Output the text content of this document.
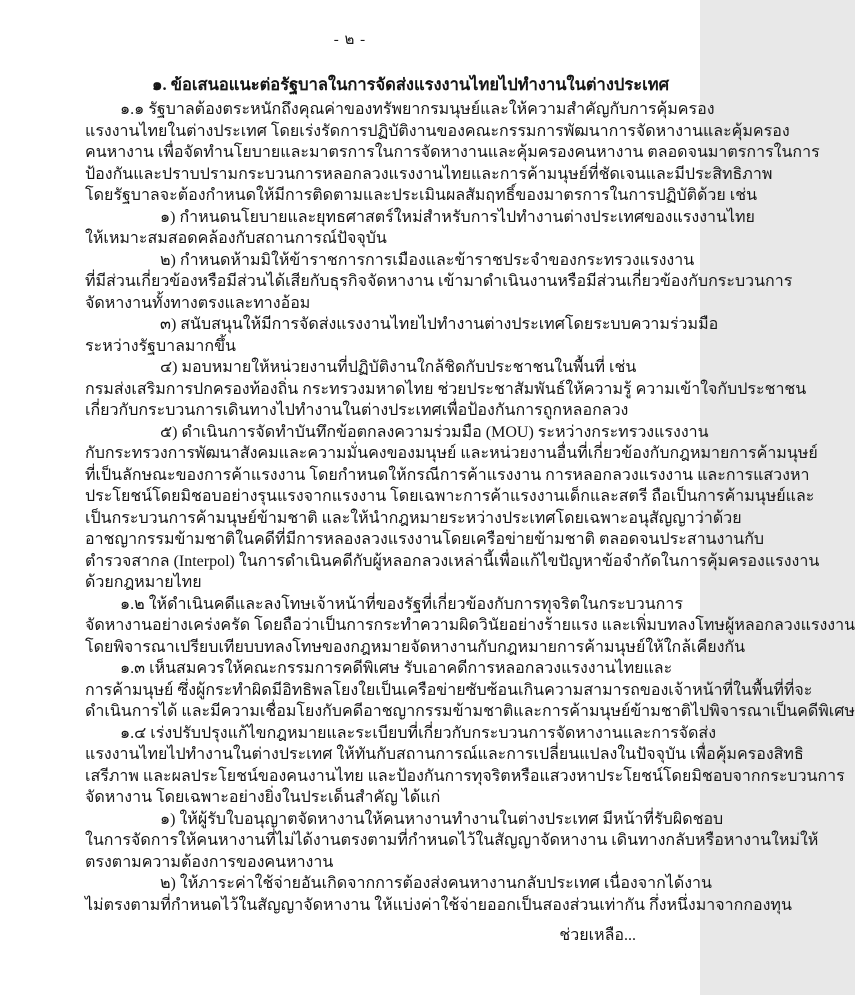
- ๒ -
๑. ข้อเสนอแนะต่อรัฐบาลในการจัดส่งแรงงานไทยไปทำงานในต่างประเทศ
๑.๑ รัฐบาลต้องตระหนักถึงคุณค่าของทรัพยากรมนุษย์และให้ความสำคัญกับการคุ้มครอง
แรงงานไทยในต่างประเทศ โดยเร่งรัดการปฏิบัติงานของคณะกรรมการพัฒนาการจัดหางานและคุ้มครอง
คนหางาน เพื่อจัดทำนโยบายและมาตรการในการจัดหางานและคุ้มครองคนหางาน ตลอดจนมาตรการในการ
ป้องกันและปราบปรามกระบวนการหลอกลวงแรงงานไทยและการค้ามนุษย์ที่ชัดเจนและมีประสิทธิภาพ
โดยรัฐบาลจะต้องกำหนดให้มีการติดตามและประเมินผลสัมฤทธิ์ของมาตรการในการปฏิบัติด้วย เช่น
๑) กำหนดนโยบายและยุทธศาสตร์ใหม่สำหรับการไปทำงานต่างประเทศของแรงงานไทย
ให้เหมาะสมสอดคล้องกับสถานการณ์ปัจจุบัน
๒) กำหนดห้ามมิให้ข้าราชการการเมืองและข้าราชประจำของกระทรวงแรงงาน
ที่มีส่วนเกี่ยวข้องหรือมีส่วนได้เสียกับธุรกิจจัดหางาน เข้ามาดำเนินงานหรือมีส่วนเกี่ยวข้องกับกระบวนการ
จัดหางานทั้งทางตรงและทางอ้อม
๓) สนับสนุนให้มีการจัดส่งแรงงานไทยไปทำงานต่างประเทศโดยระบบความร่วมมือ
ระหว่างรัฐบาลมากขึ้น
๔) มอบหมายให้หน่วยงานที่ปฏิบัติงานใกล้ชิดกับประชาชนในพื้นที่ เช่น
กรมส่งเสริมการปกครองท้องถิ่น กระทรวงมหาดไทย ช่วยประชาสัมพันธ์ให้ความรู้ ความเข้าใจกับประชาชน
เกี่ยวกับกระบวนการเดินทางไปทำงานในต่างประเทศเพื่อป้องกันการถูกหลอกลวง
๕) ดำเนินการจัดทำบันทึกข้อตกลงความร่วมมือ (MOU) ระหว่างกระทรวงแรงงาน
กับกระทรวงการพัฒนาสังคมและความมั่นคงของมนุษย์ และหน่วยงานอื่นที่เกี่ยวข้องกับกฎหมายการค้ามนุษย์
ที่เป็นลักษณะของการค้าแรงงาน โดยกำหนดให้กรณีการค้าแรงงาน การหลอกลวงแรงงาน และการแสวงหา
ประโยชน์โดยมิชอบอย่างรุนแรงจากแรงงาน โดยเฉพาะการค้าแรงงานเด็กและสตรี ถือเป็นการค้ามนุษย์และ
เป็นกระบวนการค้ามนุษย์ข้ามชาติ และให้นำกฎหมายระหว่างประเทศโดยเฉพาะอนุสัญญาว่าด้วย
อาชญากรรมข้ามชาติในคดีที่มีการหลองลวงแรงงานโดยเครือข่ายข้ามชาติ ตลอดจนประสานงานกับ
ตำรวจสากล (Interpol) ในการดำเนินคดีกับผู้หลอกลวงเหล่านี้เพื่อแก้ไขปัญหาข้อจำกัดในการคุ้มครองแรงงาน
ด้วยกฎหมายไทย
๑.๒ ให้ดำเนินคดีและลงโทษเจ้าหน้าที่ของรัฐที่เกี่ยวข้องกับการทุจริตในกระบวนการ
จัดหางานอย่างเคร่งครัด โดยถือว่าเป็นการกระทำความผิดวินัยอย่างร้ายแรง และเพิ่มบทลงโทษผู้หลอกลวงแรงงาน
โดยพิจารณาเปรียบเทียบบทลงโทษของกฎหมายจัดหางานกับกฎหมายการค้ามนุษย์ให้ใกล้เคียงกัน
๑.๓ เห็นสมควรให้คณะกรรมการคดีพิเศษ รับเอาคดีการหลอกลวงแรงงานไทยและ
การค้ามนุษย์ ซึ่งผู้กระทำผิดมีอิทธิพลโยงใยเป็นเครือข่ายซับซ้อนเกินความสามารถของเจ้าหน้าที่ในพื้นที่ที่จะ
ดำเนินการได้ และมีความเชื่อมโยงกับคดีอาชญากรรมข้ามชาติและการค้ามนุษย์ข้ามชาติไปพิจารณาเป็นคดีพิเศษ
๑.๔ เร่งปรับปรุงแก้ไขกฎหมายและระเบียบที่เกี่ยวกับกระบวนการจัดหางานและการจัดส่ง
แรงงานไทยไปทำงานในต่างประเทศ ให้ทันกับสถานการณ์และการเปลี่ยนแปลงในปัจจุบัน เพื่อคุ้มครองสิทธิ
เสรีภาพ และผลประโยชน์ของคนงานไทย และป้องกันการทุจริตหรือแสวงหาประโยชน์โดยมิชอบจากกระบวนการ
จัดหางาน โดยเฉพาะอย่างยิ่งในประเด็นสำคัญ ได้แก่
๑) ให้ผู้รับใบอนุญาตจัดหางานให้คนหางานทำงานในต่างประเทศ มีหน้าที่รับผิดชอบ
ในการจัดการให้คนหางานที่ไม่ได้งานตรงตามที่กำหนดไว้ในสัญญาจัดหางาน เดินทางกลับหรือหางานใหม่ให้
ตรงตามความต้องการของคนหางาน
๒) ให้ภาระค่าใช้จ่ายอันเกิดจากการต้องส่งคนหางานกลับประเทศ เนื่องจากได้งาน
ไม่ตรงตามที่กำหนดไว้ในสัญญาจัดหางาน ให้แบ่งค่าใช้จ่ายออกเป็นสองส่วนเท่ากัน กึ่งหนึ่งมาจากกองทุน
ช่วยเหลือ...
